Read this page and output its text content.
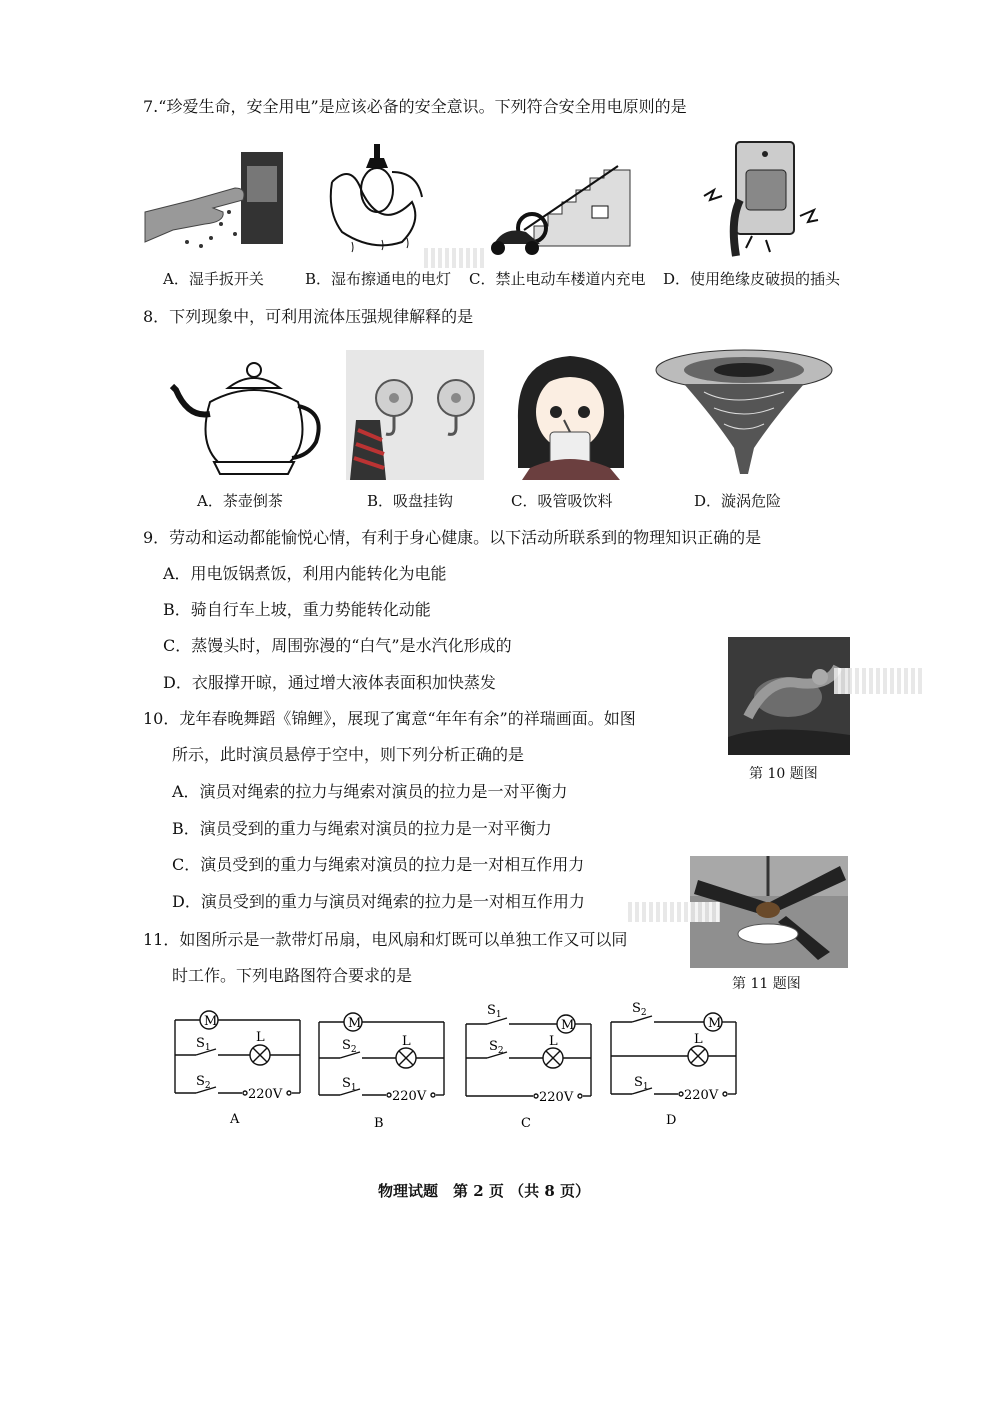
7.“珍爱生命，安全用电”是应该必备的安全意识。下列符合安全用电原则的是
A．湿手扳开关	B．湿布擦通电的电灯 C．禁止电动车楼道内充电 D．使用绝缘皮破损的插头
8．下列现象中，可利用流体压强规律解释的是
A．茶壶倒茶	B．吸盘挂钩	C．吸管吸饮料	D．漩涡危险
9．劳动和运动都能愉悦心情，有利于身心健康。以下活动所联系到的物理知识正确的是
A．用电饭锅煮饭，利用内能转化为电能
B．骑自行车上坡，重力势能转化动能
C．蒸馒头时，周围弥漫的“白气”是水汽化形成的
D．衣服撑开晾，通过增大液体表面积加快蒸发
第 10 题图
10．龙年春晚舞蹈《锦鲤》，展现了寓意“年年有余”的祥瑞画面。如图
所示，此时演员悬停于空中，则下列分析正确的是
A．演员对绳索的拉力与绳索对演员的拉力是一对平衡力
B．演员受到的重力与绳索对演员的拉力是一对平衡力
C．演员受到的重力与绳索对演员的拉力是一对相互作用力
D．演员受到的重力与演员对绳索的拉力是一对相互作用力
第 11 题图
11．如图所示是一款带灯吊扇，电风扇和灯既可以单独工作又可以同
时工作。下列电路图符合要求的是
M
$S_1$
L
$S_2$
220V
A
M
$S_2$
L
$S_1$
220V
B
$S_1$
M
$S_2$
L
220V
C
$S_2$
M
L
$S_1$
220V
D
物理试题　第 2 页 （共 8 页）
